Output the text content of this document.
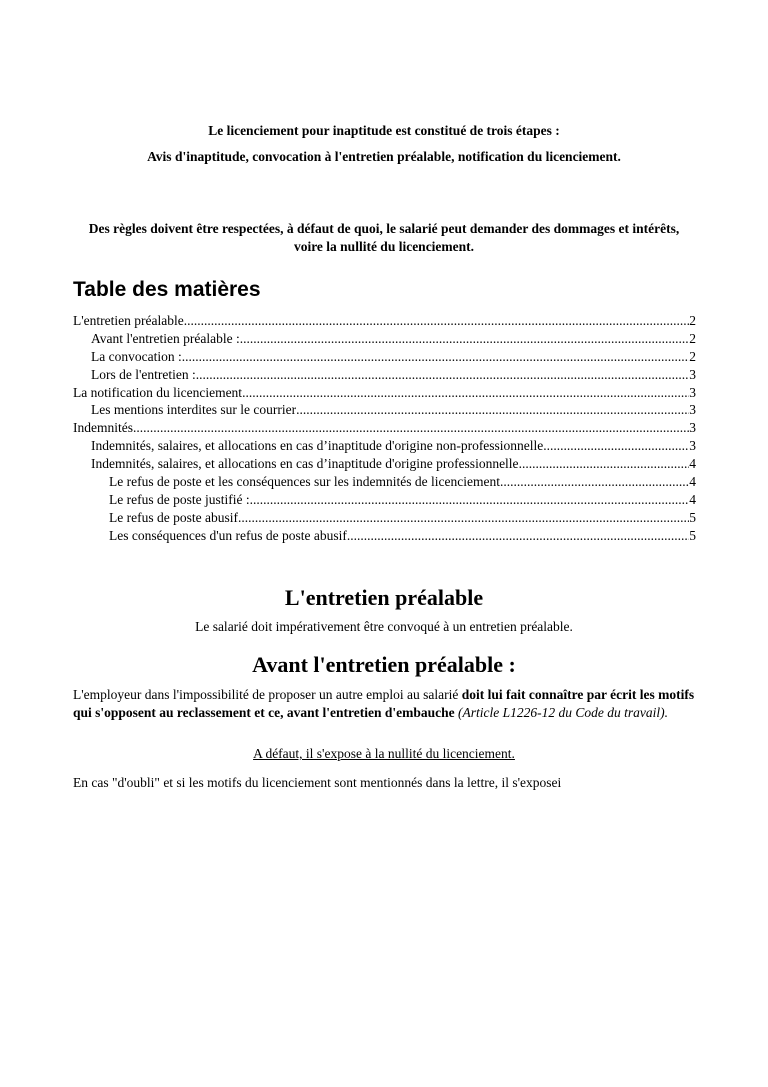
Le licenciement pour inaptitude est constitué de trois étapes :
Avis d'inaptitude, convocation à l'entretien préalable, notification du licenciement.
Des règles doivent être respectées, à défaut de quoi, le salarié peut demander des dommages et intérêts, voire la nullité du licenciement.
Table des matières
L'entretien préalable .....	2
Avant l'entretien préalable : .....	2
La convocation : .....	2
Lors de l'entretien : .....	3
La notification du licenciement .....	3
Les mentions interdites sur le courrier .....	3
Indemnités .....	3
Indemnités, salaires, et allocations en cas d’inaptitude d'origine non-professionnelle .....	3
Indemnités, salaires, et allocations en cas d’inaptitude d'origine professionnelle .....	4
Le refus de poste et les conséquences sur les indemnités de licenciement .....	4
Le refus de poste justifié : .....	4
Le refus de poste abusif .....	5
Les conséquences d'un refus de poste abusif .....	5
L'entretien préalable
Le salarié doit impérativement être convoqué à un entretien préalable.
Avant l'entretien préalable :
L'employeur dans l'impossibilité de proposer un autre emploi au salarié doit lui fait connaître par écrit les motifs qui s'opposent au reclassement et ce, avant l'entretien d'embauche (Article L1226-12 du Code du travail).
A défaut, il s'expose à la nullité du licenciement.
En cas "d'oubli" et si les motifs du licenciement sont mentionnés dans la lettre, il s'exposei
